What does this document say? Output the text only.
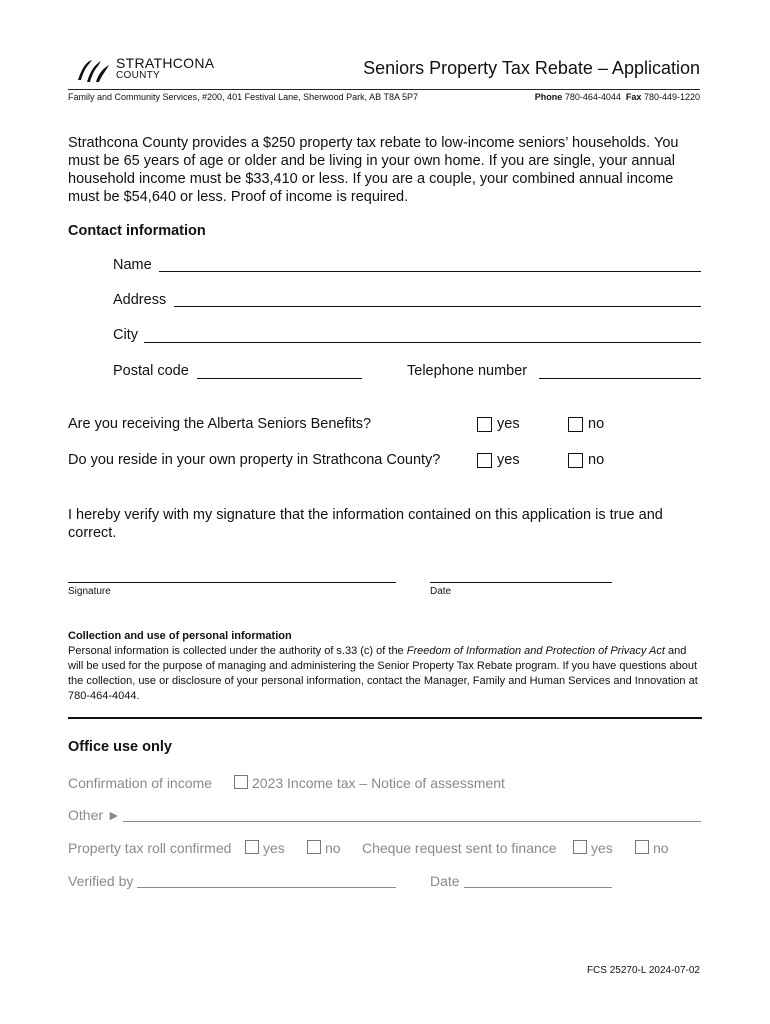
STRATHCONA
COUNTY	Seniors Property Tax Rebate – Application
Family and Community Services, #200, 401 Festival Lane, Sherwood Park, AB T8A 5P7	Phone 780-464-4044 Fax 780-449-1220
Strathcona County provides a $250 property tax rebate to low-income seniors’ households. You must be 65 years of age or older and be living in your own home. If you are single, your annual household income must be $33,410 or less. If you are a couple, your combined annual income must be $54,640 or less. Proof of income is required.
Contact information
Name
Address
City
Postal code	Telephone number
Are you receiving the Alberta Seniors Benefits?	yes	no
Do you reside in your own property in Strathcona County?	yes	no
I hereby verify with my signature that the information contained on this application is true and correct.
Signature	Date
Collection and use of personal information
Personal information is collected under the authority of s.33 (c) of the Freedom of Information and Protection of Privacy Act and will be used for the purpose of managing and administering the Senior Property Tax Rebate program. If you have questions about the collection, use or disclosure of your personal information, contact the Manager, Family and Human Services and Innovation at 780-464-4044.
Office use only
Confirmation of income	2023 Income tax – Notice of assessment
Other ►
Property tax roll confirmed yes	no Cheque request sent to finance yes	no
Verified by	Date
FCS 25270-L 2024-07-02
